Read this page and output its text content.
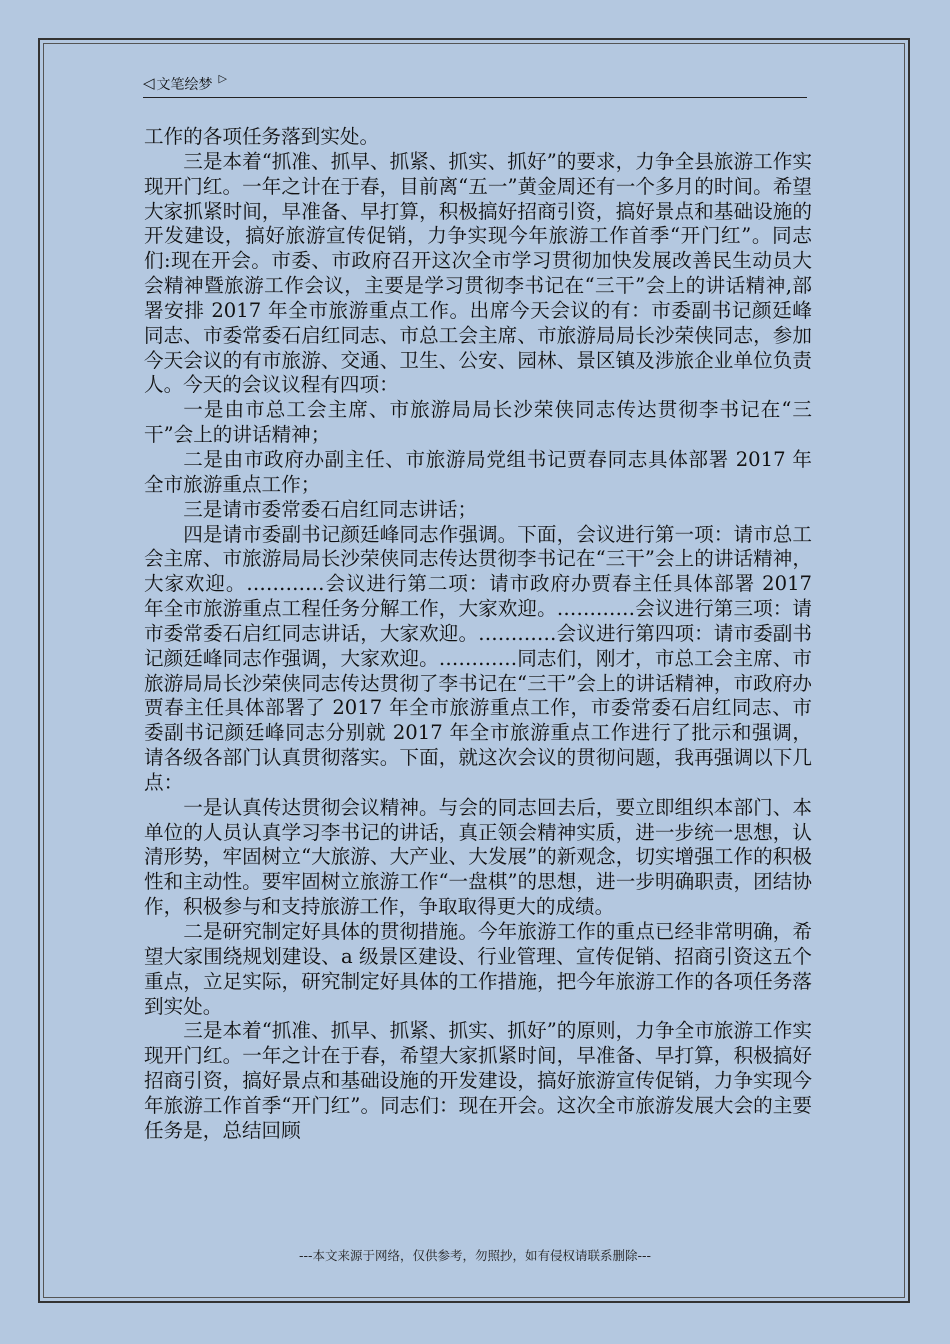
◁ 文笔绘梦 ▷

工作的各项任务落到实处。

三是本着“抓准、抓早、抓紧、抓实、抓好”的要求，力争全县旅游工作实现开门红。一年之计在于春，目前离“五一”黄金周还有一个多月的时间。希望大家抓紧时间，早准备、早打算，积极搞好招商引资，搞好景点和基础设施的开发建设，搞好旅游宣传促销，力争实现今年旅游工作首季“开门红”。同志们:现在开会。市委、市政府召开这次全市学习贯彻加快发展改善民生动员大会精神暨旅游工作会议，主要是学习贯彻李书记在“三干”会上的讲话精神,部署安排 2017 年全市旅游重点工作。出席今天会议的有：市委副书记颜廷峰同志、市委常委石启红同志、市总工会主席、市旅游局局长沙荣侠同志，参加今天会议的有市旅游、交通、卫生、公安、园林、景区镇及涉旅企业单位负责人。今天的会议议程有四项：

一是由市总工会主席、市旅游局局长沙荣侠同志传达贯彻李书记在“三干”会上的讲话精神；

二是由市政府办副主任、市旅游局党组书记贾春同志具体部署 2017 年全市旅游重点工作；

三是请市委常委石启红同志讲话；

四是请市委副书记颜廷峰同志作强调。下面，会议进行第一项：请市总工会主席、市旅游局局长沙荣侠同志传达贯彻李书记在“三干”会上的讲话精神，大家欢迎。…………会议进行第二项：请市政府办贾春主任具体部署 2017 年全市旅游重点工程任务分解工作，大家欢迎。…………会议进行第三项：请市委常委石启红同志讲话，大家欢迎。…………会议进行第四项：请市委副书记颜廷峰同志作强调，大家欢迎。…………同志们，刚才，市总工会主席、市旅游局局长沙荣侠同志传达贯彻了李书记在“三干”会上的讲话精神，市政府办贾春主任具体部署了 2017 年全市旅游重点工作，市委常委石启红同志、市委副书记颜廷峰同志分别就 2017 年全市旅游重点工作进行了批示和强调，请各级各部门认真贯彻落实。下面，就这次会议的贯彻问题，我再强调以下几点：

一是认真传达贯彻会议精神。与会的同志回去后，要立即组织本部门、本单位的人员认真学习李书记的讲话，真正领会精神实质，进一步统一思想，认清形势，牢固树立“大旅游、大产业、大发展”的新观念，切实增强工作的积极性和主动性。要牢固树立旅游工作“一盘棋”的思想，进一步明确职责，团结协作，积极参与和支持旅游工作，争取取得更大的成绩。

二是研究制定好具体的贯彻措施。今年旅游工作的重点已经非常明确，希望大家围绕规划建设、a 级景区建设、行业管理、宣传促销、招商引资这五个重点，立足实际，研究制定好具体的工作措施，把今年旅游工作的各项任务落到实处。

三是本着“抓准、抓早、抓紧、抓实、抓好”的原则，力争全市旅游工作实现开门红。一年之计在于春，希望大家抓紧时间，早准备、早打算，积极搞好招商引资，搞好景点和基础设施的开发建设，搞好旅游宣传促销，力争实现今年旅游工作首季“开门红”。同志们：现在开会。这次全市旅游发展大会的主要任务是，总结回顾

---本文来源于网络，仅供参考，勿照抄，如有侵权请联系删除---
